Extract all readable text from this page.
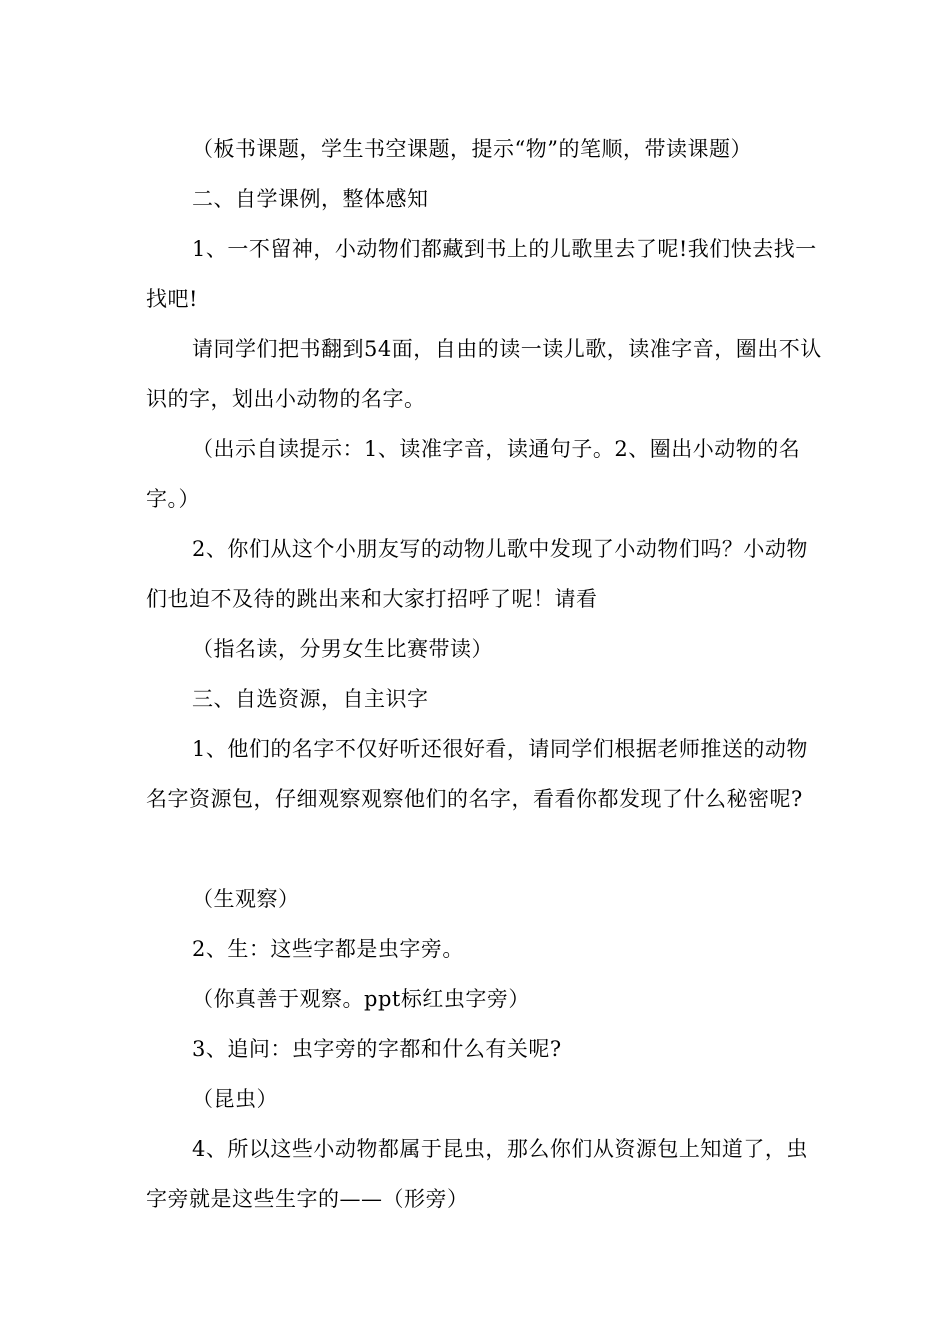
（板书课题，学生书空课题，提示“物”的笔顺，带读课题）

二、自学课例，整体感知

1、一不留神，小动物们都藏到书上的儿歌里去了呢!我们快去找一找吧!

请同学们把书翻到54面，自由的读一读儿歌，读准字音，圈出不认识的字，划出小动物的名字。

（出示自读提示：1、读准字音，读通句子。2、圈出小动物的名字。）

2、你们从这个小朋友写的动物儿歌中发现了小动物们吗？小动物们也迫不及待的跳出来和大家打招呼了呢！请看

（指名读，分男女生比赛带读）

三、自选资源，自主识字

1、他们的名字不仅好听还很好看，请同学们根据老师推送的动物名字资源包，仔细观察观察他们的名字，看看你都发现了什么秘密呢?

（生观察）

2、生：这些字都是虫字旁。

（你真善于观察。ppt标红虫字旁）

3、追问：虫字旁的字都和什么有关呢?

（昆虫）

4、所以这些小动物都属于昆虫，那么你们从资源包上知道了，虫字旁就是这些生字的——（形旁）
